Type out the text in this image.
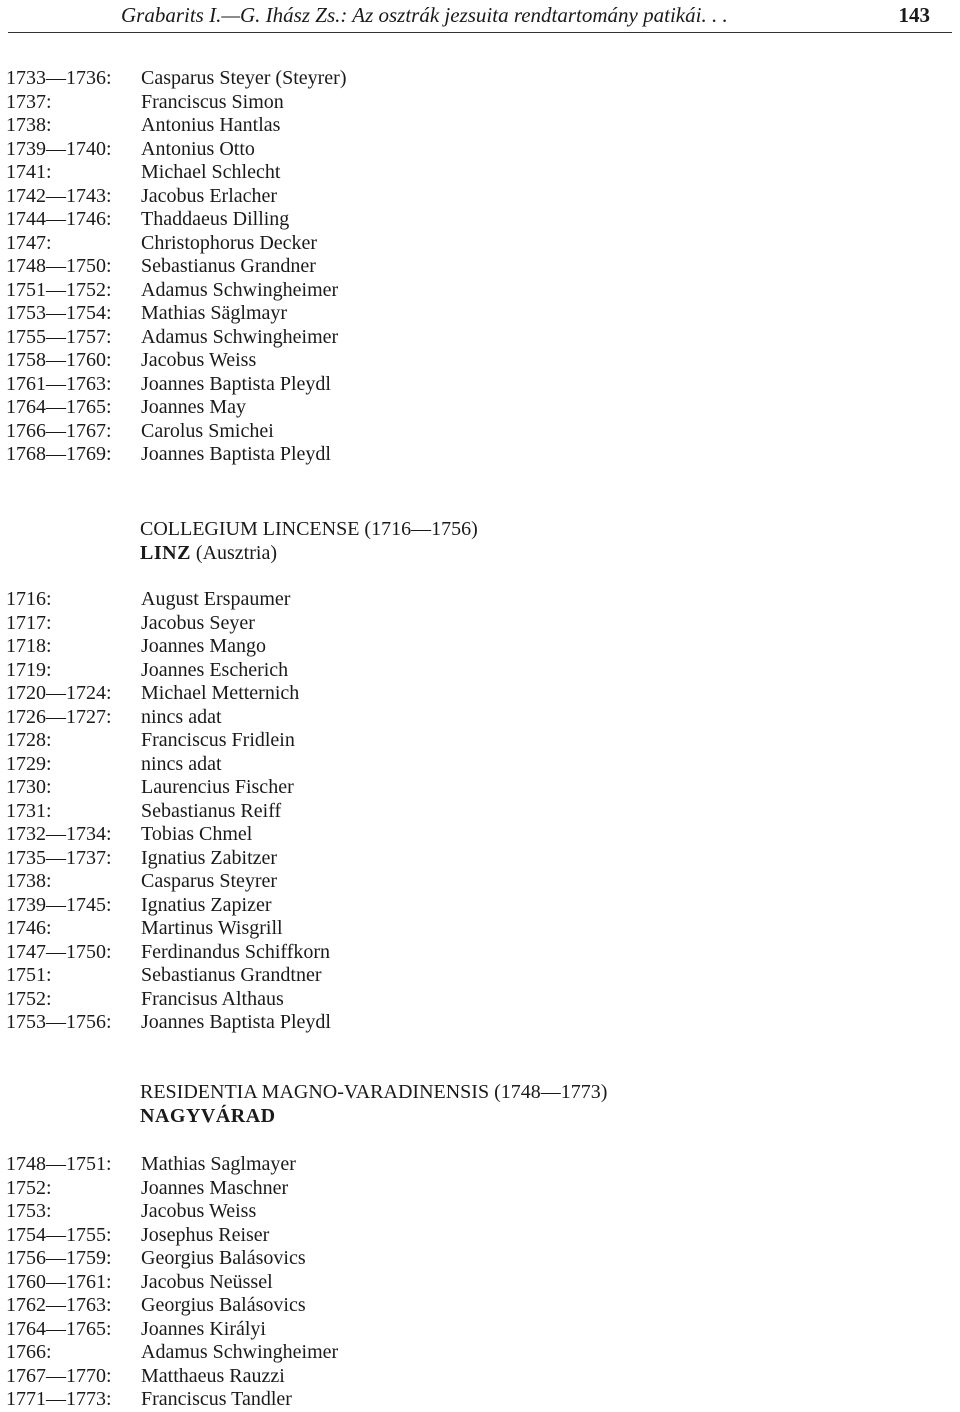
Grabarits I.—G. Ihász Zs.: Az osztrák jezsuita rendtartomány patikái. . .	143
1733—1736: Casparus Steyer (Steyrer)
1737:	Franciscus Simon
1738:	Antonius Hantlas
1739—1740: Antonius Otto
1741:	Michael Schlecht
1742—1743: Jacobus Erlacher
1744—1746: Thaddaeus Dilling
1747:	Christophorus Decker
1748—1750: Sebastianus Grandner
1751—1752: Adamus Schwingheimer
1753—1754: Mathias Säglmayr
1755—1757: Adamus Schwingheimer
1758—1760: Jacobus Weiss
1761—1763: Joannes Baptista Pleydl
1764—1765: Joannes May
1766—1767: Carolus Smichei
1768—1769: Joannes Baptista Pleydl
COLLEGIUM LINCENSE (1716—1756)
LINZ (Ausztria)
1716:	August Erspaumer
1717:	Jacobus Seyer
1718:	Joannes Mango
1719:	Joannes Escherich
1720—1724: Michael Metternich
1726—1727: nincs adat
1728:	Franciscus Fridlein
1729:	nincs adat
1730:	Laurencius Fischer
1731:	Sebastianus Reiff
1732—1734: Tobias Chmel
1735—1737: Ignatius Zabitzer
1738:	Casparus Steyrer
1739—1745: Ignatius Zapizer
1746:	Martinus Wisgrill
1747—1750: Ferdinandus Schiffkorn
1751:	Sebastianus Grandtner
1752:	Francisus Althaus
1753—1756: Joannes Baptista Pleydl
RESIDENTIA MAGNO-VARADINENSIS (1748—1773)
NAGYVÁRAD
1748—1751: Mathias Saglmayer
1752:	Joannes Maschner
1753:	Jacobus Weiss
1754—1755: Josephus Reiser
1756—1759: Georgius Balásovics
1760—1761: Jacobus Neüssel
1762—1763: Georgius Balásovics
1764—1765: Joannes Királyi
1766:	Adamus Schwingheimer
1767—1770: Matthaeus Rauzzi
1771—1773: Franciscus Tandler
